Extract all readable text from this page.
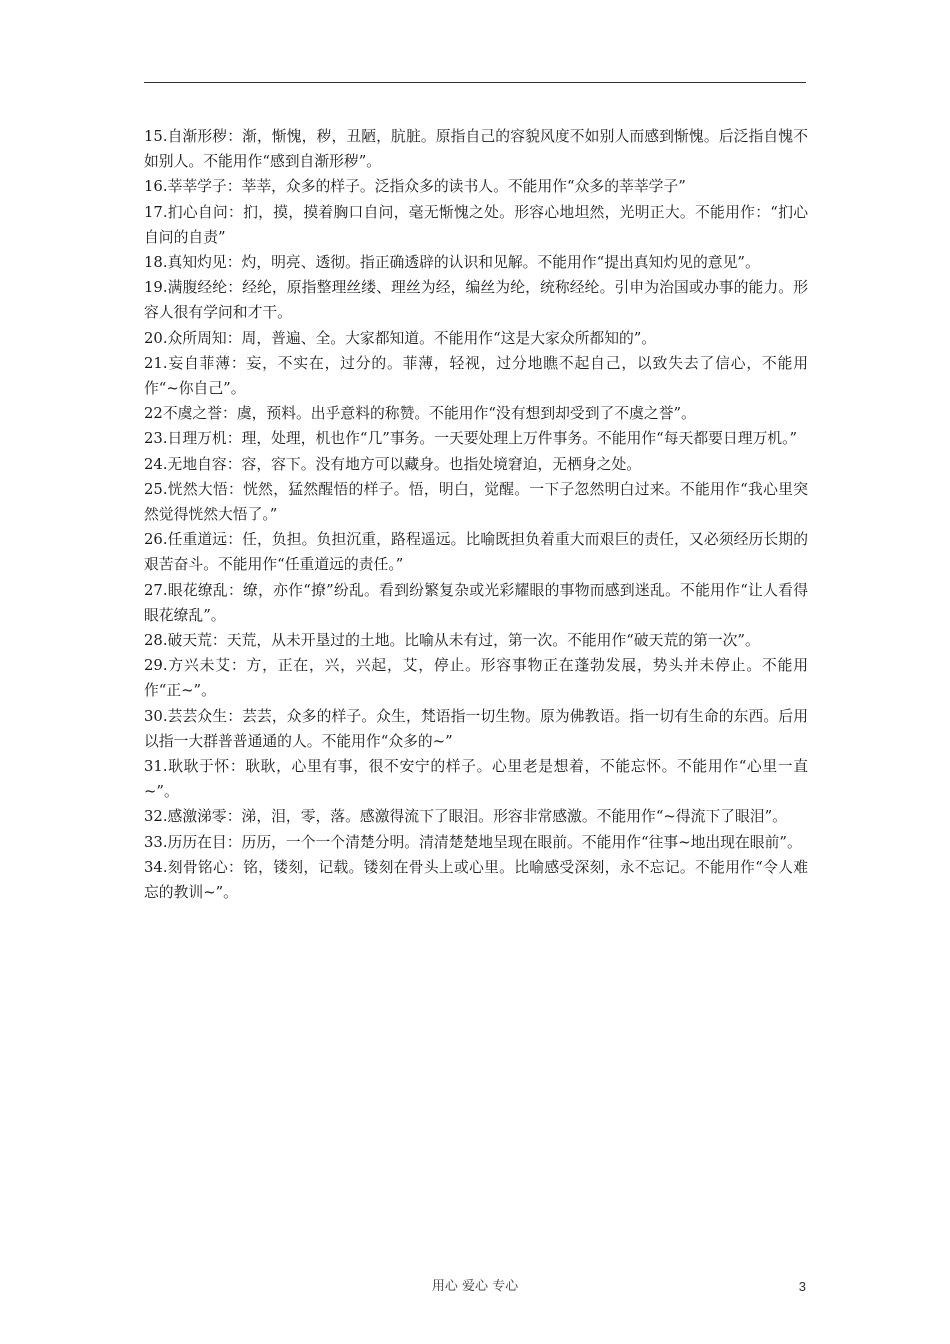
15.自渐形秽：渐，惭愧，秽，丑陋，肮脏。原指自己的容貌风度不如别人而感到惭愧。后泛指自愧不如别人。不能用作“感到自渐形秽”。

16.莘莘学子：莘莘，众多的样子。泛指众多的读书人。不能用作“众多的莘莘学子”

17.扪心自问：扪，摸，摸着胸口自问，毫无惭愧之处。形容心地坦然，光明正大。不能用作：“扪心自问的自责”

18.真知灼见：灼，明亮、透彻。指正确透辟的认识和见解。不能用作“提出真知灼见的意见”。

19.满腹经纶：经纶，原指整理丝缕、理丝为经，编丝为纶，统称经纶。引申为治国或办事的能力。形容人很有学问和才干。

20.众所周知：周，普遍、全。大家都知道。不能用作“这是大家众所都知的”。

21.妄自菲薄：妄，不实在，过分的。菲薄，轻视，过分地瞧不起自己，以致失去了信心，不能用作“~你自己”。

22不虞之誉：虞，预料。出乎意料的称赞。不能用作“没有想到却受到了不虞之誉”。

23.日理万机：理，处理，机也作“几”事务。一天要处理上万件事务。不能用作“每天都要日理万机。”

24.无地自容：容，容下。没有地方可以藏身。也指处境窘迫，无栖身之处。

25.恍然大悟：恍然，猛然醒悟的样子。悟，明白，觉醒。一下子忽然明白过来。不能用作“我心里突然觉得恍然大悟了。”

26.任重道远：任，负担。负担沉重，路程遥远。比喻既担负着重大而艰巨的责任，又必须经历长期的艰苦奋斗。不能用作“任重道远的责任。”

27.眼花缭乱：缭，亦作“撩”纷乱。看到纷繁复杂或光彩耀眼的事物而感到迷乱。不能用作“让人看得眼花缭乱”。

28.破天荒：天荒，从未开垦过的土地。比喻从未有过，第一次。不能用作“破天荒的第一次”。

29.方兴未艾：方，正在，兴，兴起，艾，停止。形容事物正在蓬勃发展，势头并未停止。不能用作“正~”。

30.芸芸众生：芸芸，众多的样子。众生，梵语指一切生物。原为佛教语。指一切有生命的东西。后用以指一大群普普通通的人。不能用作“众多的~”

31.耿耿于怀：耿耿，心里有事，很不安宁的样子。心里老是想着，不能忘怀。不能用作“心里一直~”。

32.感激涕零：涕，泪，零，落。感激得流下了眼泪。形容非常感激。不能用作“~得流下了眼泪”。

33.历历在目：历历，一个一个清楚分明。清清楚楚地呈现在眼前。不能用作“往事~地出现在眼前”。

34.刻骨铭心：铭，镂刻，记载。镂刻在骨头上或心里。比喻感受深刻，永不忘记。不能用作“令人难忘的教训~”。

用心 爱心 专心	3
